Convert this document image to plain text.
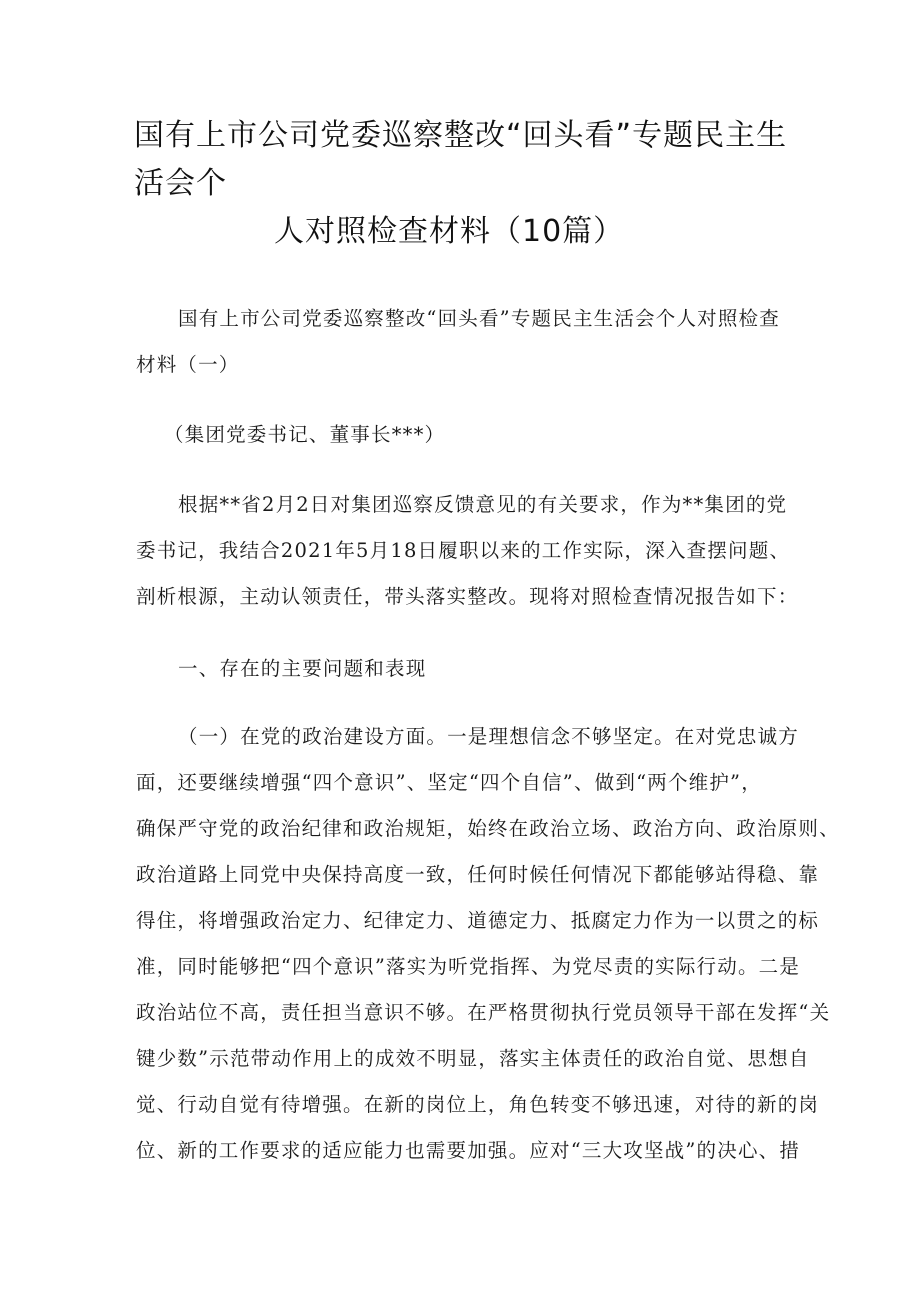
国有上市公司党委巡察整改“回头看”专题民主生活会个
人对照检查材料（10篇）
国有上市公司党委巡察整改“回头看”专题民主生活会个人对照检查
材料（一）
（集团党委书记、董事长***）
根据**省2月2日对集团巡察反馈意见的有关要求，作为**集团的党
委书记，我结合2021年5月18日履职以来的工作实际，深入查摆问题、
剖析根源，主动认领责任，带头落实整改。现将对照检查情况报告如下：
一、存在的主要问题和表现
（一）在党的政治建设方面。一是理想信念不够坚定。在对党忠诚方
面，还要继续增强“四个意识”、坚定“四个自信”、做到“两个维护”，
确保严守党的政治纪律和政治规矩，始终在政治立场、政治方向、政治原则、
政治道路上同党中央保持高度一致，任何时候任何情况下都能够站得稳、靠
得住，将增强政治定力、纪律定力、道德定力、抵腐定力作为一以贯之的标
准，同时能够把“四个意识”落实为听党指挥、为党尽责的实际行动。二是
政治站位不高，责任担当意识不够。在严格贯彻执行党员领导干部在发挥“关
键少数”示范带动作用上的成效不明显，落实主体责任的政治自觉、思想自
觉、行动自觉有待增强。在新的岗位上，角色转变不够迅速，对待的新的岗
位、新的工作要求的适应能力也需要加强。应对“三大攻坚战”的决心、措
